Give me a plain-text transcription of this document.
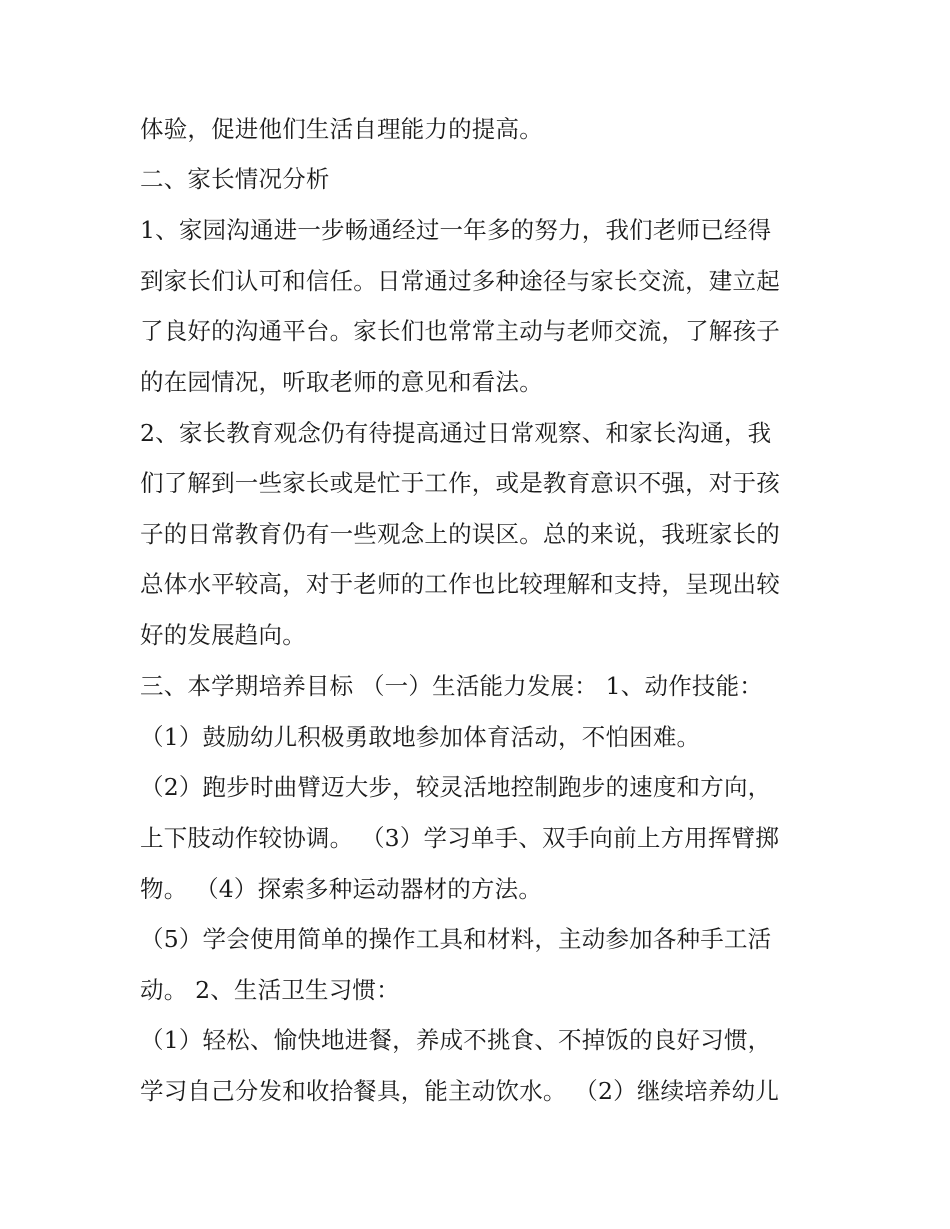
体验，促进他们生活自理能力的提高。
二、家长情况分析
1、家园沟通进一步畅通经过一年多的努力，我们老师已经得
到家长们认可和信任。日常通过多种途径与家长交流，建立起
了良好的沟通平台。家长们也常常主动与老师交流，了解孩子
的在园情况，听取老师的意见和看法。
2、家长教育观念仍有待提高通过日常观察、和家长沟通，我
们了解到一些家长或是忙于工作，或是教育意识不强，对于孩
子的日常教育仍有一些观念上的误区。总的来说，我班家长的
总体水平较高，对于老师的工作也比较理解和支持，呈现出较
好的发展趋向。
三、本学期培养目标 （一）生活能力发展： 1、动作技能：
（1）鼓励幼儿积极勇敢地参加体育活动，不怕困难。
（2）跑步时曲臂迈大步，较灵活地控制跑步的速度和方向，
上下肢动作较协调。 （3）学习单手、双手向前上方用挥臂掷
物。 （4）探索多种运动器材的方法。
（5）学会使用简单的操作工具和材料，主动参加各种手工活
动。 2、生活卫生习惯：
（1）轻松、愉快地进餐，养成不挑食、不掉饭的良好习惯，
学习自己分发和收拾餐具，能主动饮水。 （2）继续培养幼儿
